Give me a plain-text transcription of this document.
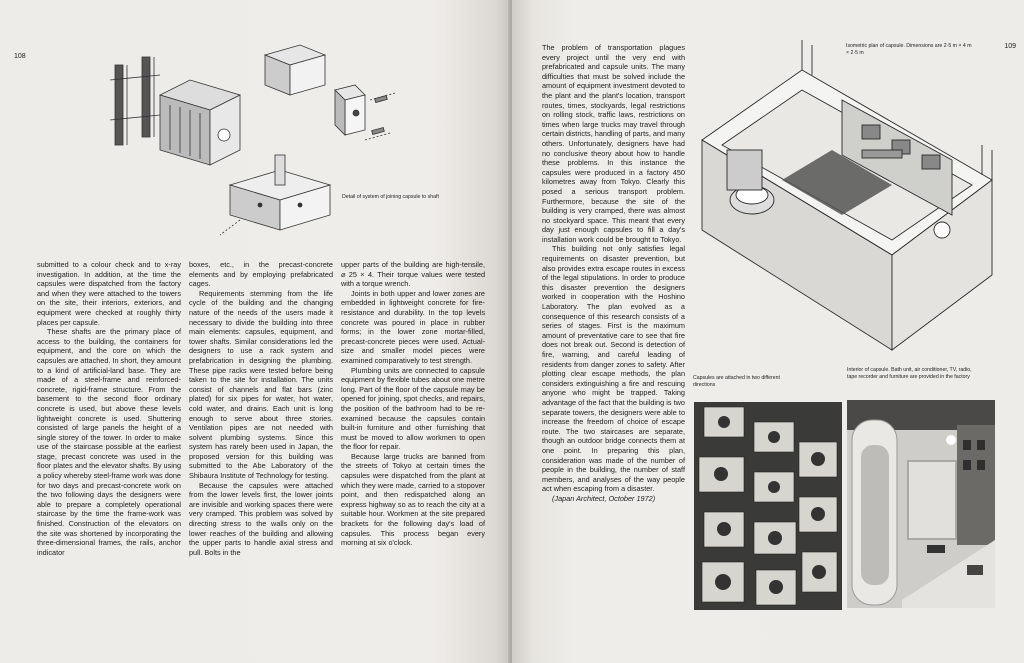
108
Detail of system of joining capsule to shaft

submitted to a colour check and to x-ray investigation. In addition, at the time the capsules were dispatched from the factory and when they were attached to the towers on the site, their interiors, exteriors, and equipment were checked at roughly thirty places per capsule.

These shafts are the primary place of access to the building, the containers for equipment, and the core on which the capsules are attached. In short, they amount to a kind of artificial-land base. They are made of a steel-frame and reinforced-concrete, rigid-frame structure. From the basement to the second floor ordinary concrete is used, but above these levels lightweight concrete is used. Shuttering consisted of large panels the height of a single storey of the tower. In order to make use of the staircase possible at the earliest stage, precast concrete was used in the floor plates and the elevator shafts. By using a policy whereby steel-frame work was done for two days and precast-concrete work on the two following days the designers were able to prepare a completely operational staircase by the time the frame-work was finished. Construction of the elevators on the site was shortened by incorporating the three-dimensional frames, the rails, anchor indicator

boxes, etc., in the precast-concrete elements and by employing prefabricated cages.

Requirements stemming from the life cycle of the building and the changing nature of the needs of the users made it necessary to divide the building into three main elements: capsules, equipment, and tower shafts. Similar considerations led the designers to use a rack system and prefabrication in designing the plumbing. These pipe racks were tested before being taken to the site for installation. The units consist of channels and flat bars (zinc plated) for six pipes for water, hot water, cold water, and drains. Each unit is long enough to serve about three stories. Ventilation pipes are not needed with solvent plumbing systems. Since this system has rarely been used in Japan, the proposed version for this building was submitted to the Abe Laboratory of the Shibaura Institute of Technology for testing.

Because the capsules were attached from the lower levels first, the lower joints are invisible and working spaces there were very cramped. This problem was solved by directing stress to the walls only on the lower reaches of the building and allowing the upper parts to handle axial stress and pull. Bolts in the

upper parts of the building are high-tensile, ⌀ 25 × 4. Their torque values were tested with a torque wrench.

Joints in both upper and lower zones are embedded in lightweight concrete for fire-resistance and durability. In the top levels concrete was poured in place in rubber forms; in the lower zone mortar-filled, precast-concrete pieces were used. Actual-size and smaller model pieces were examined comparatively to test strength.

Plumbing units are connected to capsule equipment by flexible tubes about one metre long. Part of the floor of the capsule may be opened for joining, spot checks, and repairs, the position of the bathroom had to be re-examined because the capsules contain built-in furniture and other furnishing that must be moved to allow workmen to open the floor for repair.

Because large trucks are banned from the streets of Tokyo at certain times the capsules were dispatched from the plant at which they were made, carried to a stopover point, and then redispatched along an express highway so as to reach the city at a suitable hour. Workmen at the site prepared brackets for the following day's load of capsules. This process began every morning at six o'clock.

109

The problem of transportation plagues every project until the very end with prefabricated and capsule units. The many difficulties that must be solved include the amount of equipment investment devoted to the plant and the plant's location, transport routes, times, stockyards, legal restrictions on rolling stock, traffic laws, restrictions on times when large trucks may travel through certain districts, handling of parts, and many others. Unfortunately, designers have had no conclusive theory about how to handle these problems. In this instance the capsules were produced in a factory 450 kilometres away from Tokyo. Clearly this posed a serious transport problem. Furthermore, because the site of the building is very cramped, there was almost no stockyard space. This meant that every day just enough capsules to fill a day's installation work could be brought to Tokyo.

This building not only satisfies legal requirements on disaster prevention, but also provides extra escape routes in excess of the legal stipulations. In order to produce this disaster prevention the designers worked in cooperation with the Hoshino Laboratory. The plan evolved as a consequence of this research consists of a series of stages. First is the maximum amount of preventative care to see that fire does not break out. Second is detection of fire, warning, and careful leading of residents from danger zones to safety. After plotting clear escape methods, the plan considers extinguishing a fire and rescuing anyone who might be trapped. Taking advantage of the fact that the building is two separate towers, the designers were able to increase the freedom of choice of escape route. The two staircases are separate, though an outdoor bridge connects them at one point. In preparing this plan, consideration was made of the number of people in the building, the number of staff members, and analyses of the way people act when escaping from a disaster.

(Japan Architect, October 1972)

Isometric plan of capsule. Dimensions are 2·5 m × 4 m × 2·5 m
Capsules are attached in two different directions
Interior of capsule. Bath unit, air conditioner, TV, radio, tape recorder and furniture are provided in the factory
